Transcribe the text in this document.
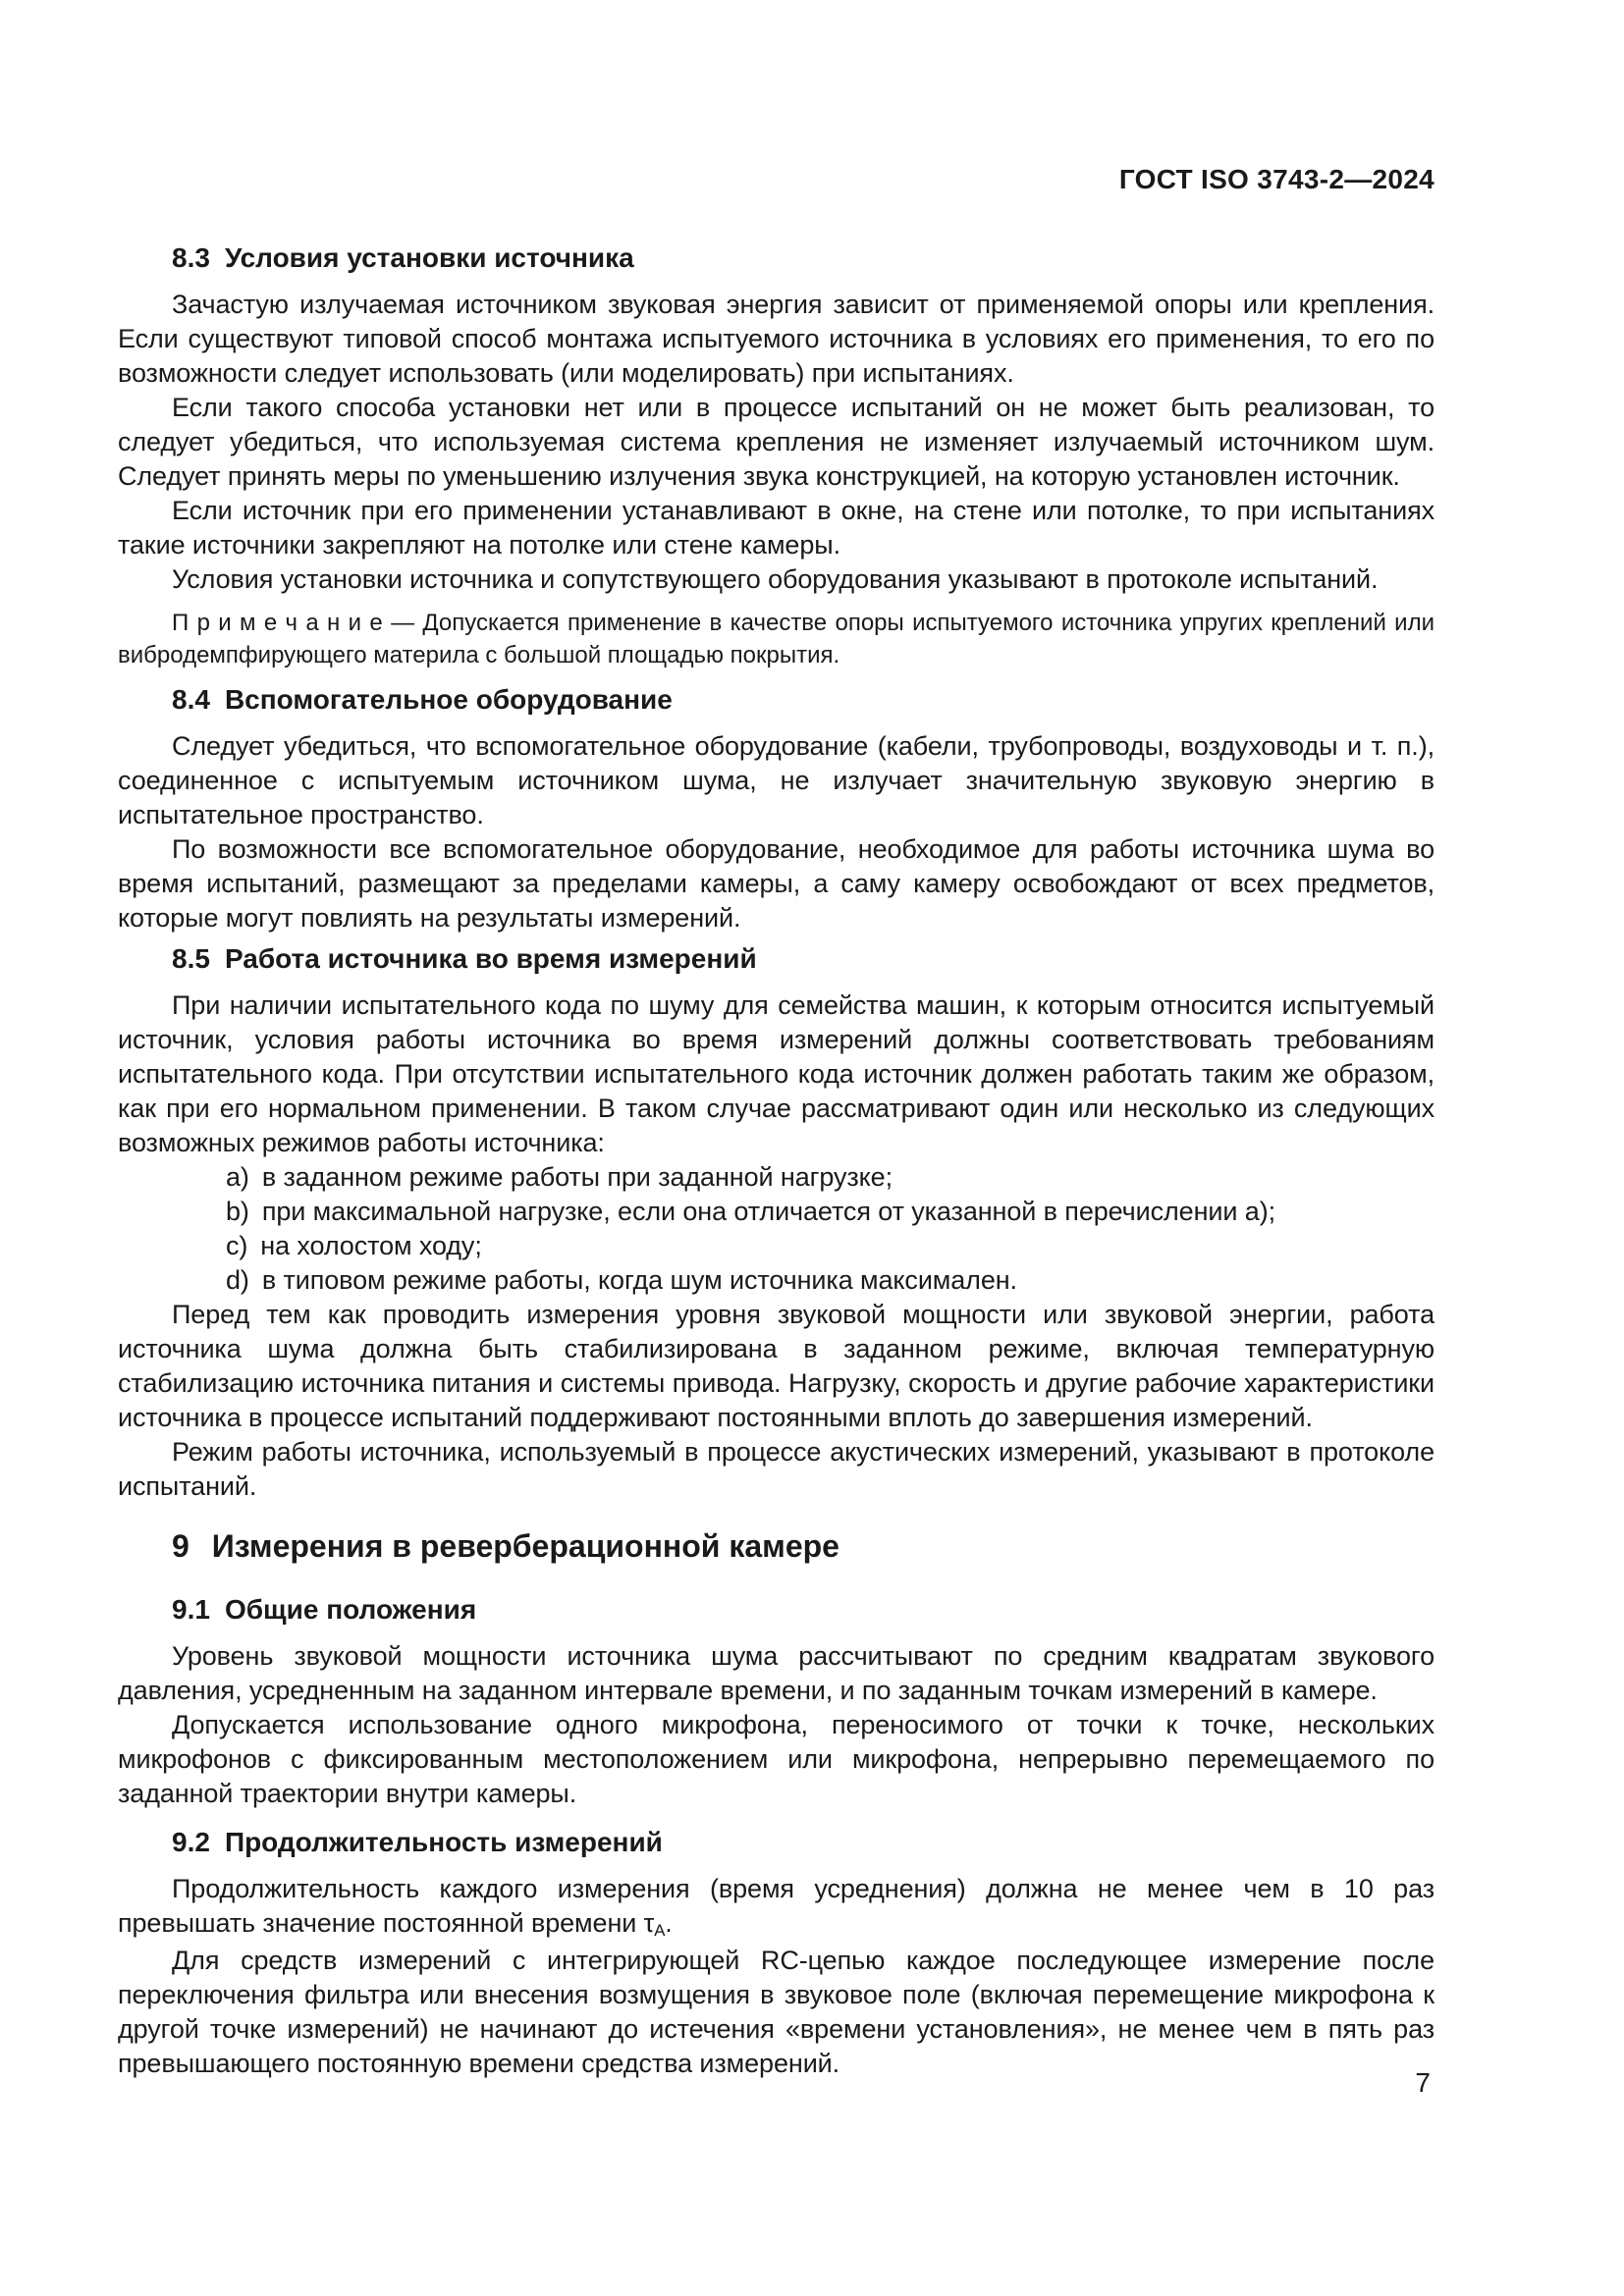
ГОСТ ISO 3743-2—2024

8.3 Условия установки источника

Зачастую излучаемая источником звуковая энергия зависит от применяемой опоры или крепления. Если существуют типовой способ монтажа испытуемого источника в условиях его применения, то его по возможности следует использовать (или моделировать) при испытаниях.

Если такого способа установки нет или в процессе испытаний он не может быть реализован, то следует убедиться, что используемая система крепления не изменяет излучаемый источником шум. Следует принять меры по уменьшению излучения звука конструкцией, на которую установлен источник.

Если источник при его применении устанавливают в окне, на стене или потолке, то при испытаниях такие источники закрепляют на потолке или стене камеры.

Условия установки источника и сопутствующего оборудования указывают в протоколе испытаний.

П р и м е ч а н и е — Допускается применение в качестве опоры испытуемого источника упругих креплений или вибродемпфирующего материла с большой площадью покрытия.

8.4 Вспомогательное оборудование

Следует убедиться, что вспомогательное оборудование (кабели, трубопроводы, воздуховоды и т. п.), соединенное с испытуемым источником шума, не излучает значительную звуковую энергию в испытательное пространство.

По возможности все вспомогательное оборудование, необходимое для работы источника шума во время испытаний, размещают за пределами камеры, а саму камеру освобождают от всех предметов, которые могут повлиять на результаты измерений.

8.5 Работа источника во время измерений

При наличии испытательного кода по шуму для семейства машин, к которым относится испытуемый источник, условия работы источника во время измерений должны соответствовать требованиям испытательного кода. При отсутствии испытательного кода источник должен работать таким же образом, как при его нормальном применении. В таком случае рассматривают один или несколько из следующих возможных режимов работы источника:

a) в заданном режиме работы при заданной нагрузке;

b) при максимальной нагрузке, если она отличается от указанной в перечислении a);

c) на холостом ходу;

d) в типовом режиме работы, когда шум источника максимален.

Перед тем как проводить измерения уровня звуковой мощности или звуковой энергии, работа источника шума должна быть стабилизирована в заданном режиме, включая температурную стабилизацию источника питания и системы привода. Нагрузку, скорость и другие рабочие характеристики источника в процессе испытаний поддерживают постоянными вплоть до завершения измерений.

Режим работы источника, используемый в процессе акустических измерений, указывают в протоколе испытаний.

9 Измерения в реверберационной камере

9.1 Общие положения

Уровень звуковой мощности источника шума рассчитывают по средним квадратам звукового давления, усредненным на заданном интервале времени, и по заданным точкам измерений в камере.

Допускается использование одного микрофона, переносимого от точки к точке, нескольких микрофонов с фиксированным местоположением или микрофона, непрерывно перемещаемого по заданной траектории внутри камеры.

9.2 Продолжительность измерений

Продолжительность каждого измерения (время усреднения) должна не менее чем в 10 раз превышать значение постоянной времени τA.

Для средств измерений с интегрирующей RC-цепью каждое последующее измерение после переключения фильтра или внесения возмущения в звуковое поле (включая перемещение микрофона к другой точке измерений) не начинают до истечения «времени установления», не менее чем в пять раз превышающего постоянную времени средства измерений.

7
